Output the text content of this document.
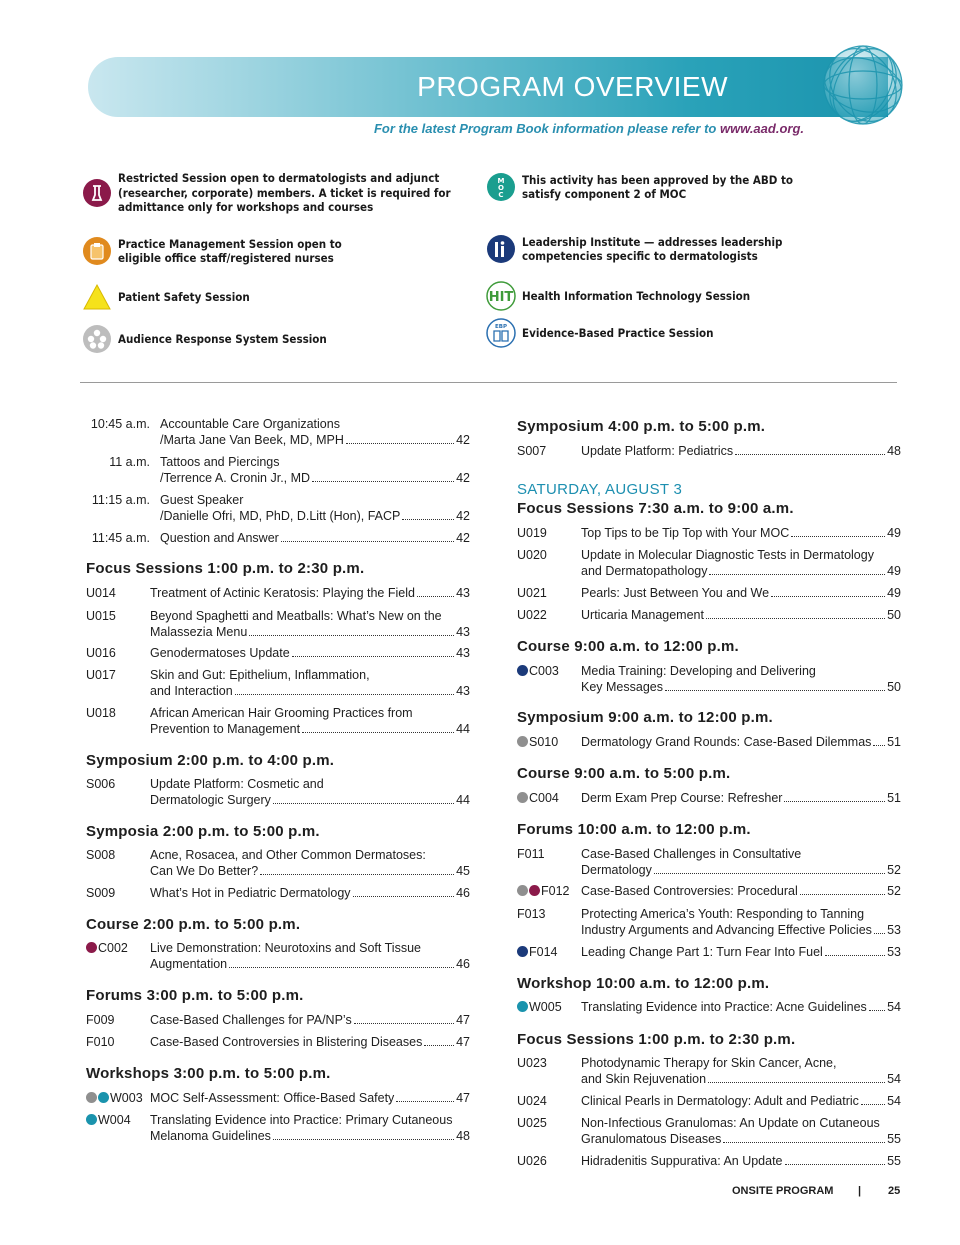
PROGRAM OVERVIEW
For the latest Program Book information please refer to www.aad.org.
Restricted Session open to dermatologists and adjunct (researcher, corporate) members. A ticket is required for admittance only for workshops and courses
M
O
C
This activity has been approved by the ABD to satisfy component 2 of MOC
Practice Management Session open to eligible office staff/registered nurses
Leadership Institute — addresses leadership competencies specific to dermatologists
Patient Safety Session	HIT Health Information Technology Session
Audience Response System Session
EBP Evidence-Based Practice Session
10:45 a.m. Accountable Care Organizations
/Marta Jane Van Beek, MD, MPH	42
11 a.m. Tattoos and Piercings
/Terrence A. Cronin Jr., MD	42
11:15 a.m. Guest Speaker
/Danielle Ofri, MD, PhD, D.Litt (Hon), FACP	42
11:45 a.m. Question and Answer	42
Focus Sessions 1:00 p.m. to 2:30 p.m.
U014	Treatment of Actinic Keratosis: Playing the Field	43
U015	Beyond Spaghetti and Meatballs: What’s New on the
Malassezia Menu	43
U016	Genodermatoses Update	43
U017	Skin and Gut: Epithelium, Inflammation,
and Interaction	43
U018	African American Hair Grooming Practices from
Prevention to Management	44
Symposium 2:00 p.m. to 4:00 p.m.
S006	Update Platform: Cosmetic and
Dermatologic Surgery	44
Symposia 2:00 p.m. to 5:00 p.m.
S008	Acne, Rosacea, and Other Common Dermatoses:
Can We Do Better?	45
S009	What’s Hot in Pediatric Dermatology	46
Course 2:00 p.m. to 5:00 p.m.
C002 Live Demonstration: Neurotoxins and Soft Tissue
Augmentation	46
Forums 3:00 p.m. to 5:00 p.m.
F009	Case-Based Challenges for PA/NP’s	47
F010	Case-Based Controversies in Blistering Diseases	47
Workshops 3:00 p.m. to 5:00 p.m.
W003 MOC Self-Assessment: Office-Based Safety	47
W004 Translating Evidence into Practice: Primary Cutaneous
Melanoma Guidelines	48
Symposium 4:00 p.m. to 5:00 p.m.
S007	Update Platform: Pediatrics	48
SATURDAY, AUGUST 3
Focus Sessions 7:30 a.m. to 9:00 a.m.
U019	Top Tips to be Tip Top with Your MOC	49
U020	Update in Molecular Diagnostic Tests in Dermatology
and Dermatopathology	49
U021	Pearls: Just Between You and We	49
U022	Urticaria Management	50
Course 9:00 a.m. to 12:00 p.m.
C003 Media Training: Developing and Delivering
Key Messages	50
Symposium 9:00 a.m. to 12:00 p.m.
S010 Dermatology Grand Rounds: Case-Based Dilemmas 51
Course 9:00 a.m. to 5:00 p.m.
C004 Derm Exam Prep Course: Refresher	51
Forums 10:00 a.m. to 12:00 p.m.
F011	Case-Based Challenges in Consultative
Dermatology	52
F012 Case-Based Controversies: Procedural	52
F013	Protecting America’s Youth: Responding to Tanning
Industry Arguments and Advancing Effective Policies 53
F014 Leading Change Part 1: Turn Fear Into Fuel	53
Workshop 10:00 a.m. to 12:00 p.m.
W005 Translating Evidence into Practice: Acne Guidelines 54
Focus Sessions 1:00 p.m. to 2:30 p.m.
U023	Photodynamic Therapy for Skin Cancer, Acne,
and Skin Rejuvenation	54
U024	Clinical Pearls in Dermatology: Adult and Pediatric 54
U025	Non-Infectious Granulomas: An Update on Cutaneous
Granulomatous Diseases	55
U026	Hidradenitis Suppurativa: An Update	55
ONSITE PROGRAM | 25
